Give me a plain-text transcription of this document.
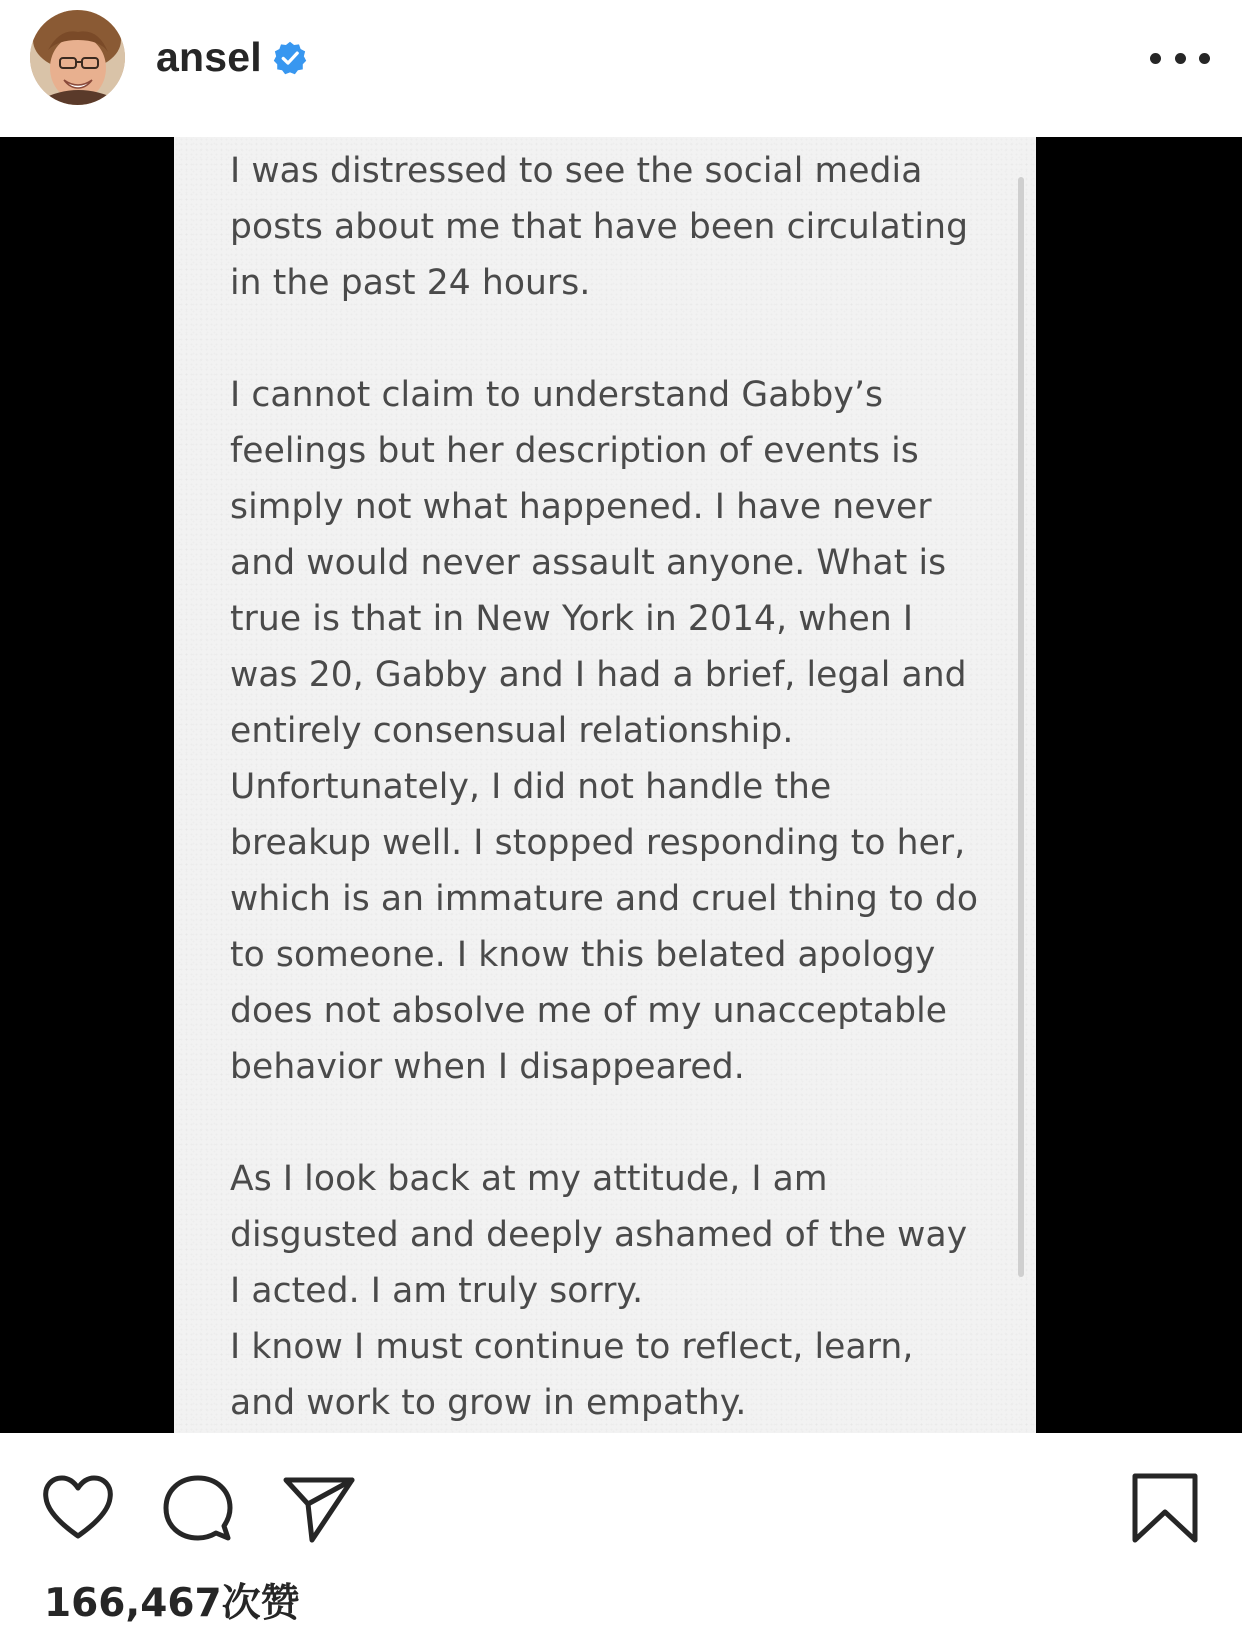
ansel
I was distressed to see the social media
posts about me that have been circulating
in the past 24 hours.
I cannot claim to understand Gabby’s
feelings but her description of events is
simply not what happened. I have never
and would never assault anyone. What is
true is that in New York in 2014, when I
was 20, Gabby and I had a brief, legal and
entirely consensual relationship.
Unfortunately, I did not handle the
breakup well. I stopped responding to her,
which is an immature and cruel thing to do
to someone. I know this belated apology
does not absolve me of my unacceptable
behavior when I disappeared.
As I look back at my attitude, I am
disgusted and deeply ashamed of the way
I acted. I am truly sorry.
I know I must continue to reflect, learn,
and work to grow in empathy.
166,467次赞
